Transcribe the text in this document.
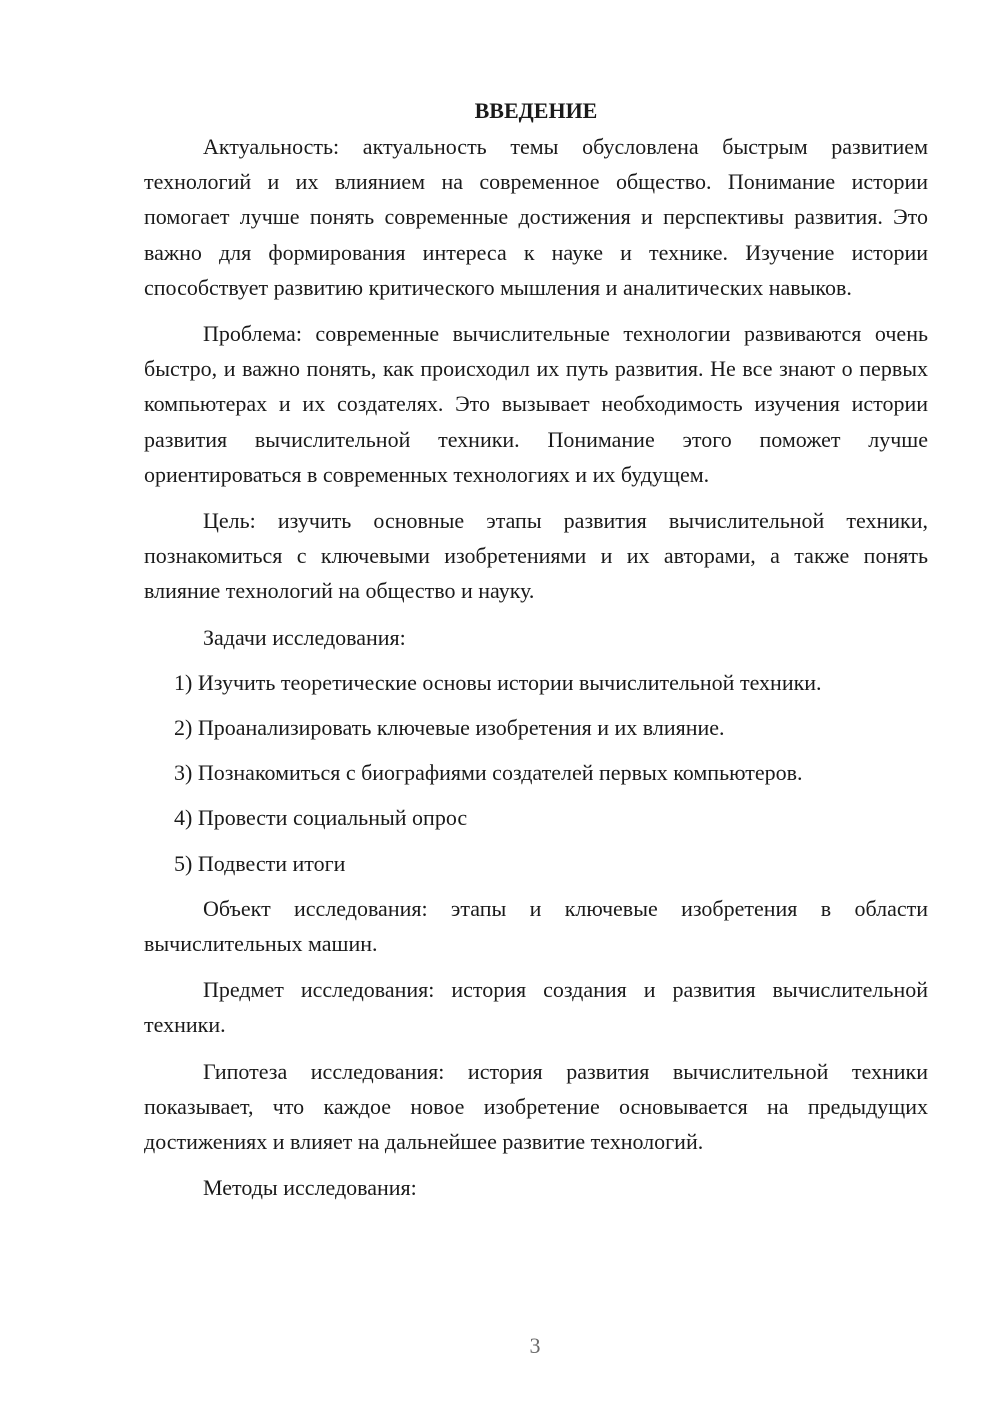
ВВЕДЕНИЕ

Актуальность: актуальность темы обусловлена быстрым развитием технологий и их влиянием на современное общество. Понимание истории помогает лучше понять современные достижения и перспективы развития. Это важно для формирования интереса к науке и технике. Изучение истории способствует развитию критического мышления и аналитических навыков.

Проблема: современные вычислительные технологии развиваются очень быстро, и важно понять, как происходил их путь развития. Не все знают о первых компьютерах и их создателях. Это вызывает необходимость изучения истории развития вычислительной техники. Понимание этого поможет лучше ориентироваться в современных технологиях и их будущем.

Цель: изучить основные этапы развития вычислительной техники, познакомиться с ключевыми изобретениями и их авторами, а также понять влияние технологий на общество и науку.

Задачи исследования:

1) Изучить теоретические основы истории вычислительной техники.
2) Проанализировать ключевые изобретения и их влияние.
3) Познакомиться с биографиями создателей первых компьютеров.
4) Провести социальный опрос
5) Подвести итоги

Объект исследования: этапы и ключевые изобретения в области вычислительных машин.

Предмет исследования: история создания и развития вычислительной техники.

Гипотеза исследования: история развития вычислительной техники показывает, что каждое новое изобретение основывается на предыдущих достижениях и влияет на дальнейшее развитие технологий.

Методы исследования:

3
